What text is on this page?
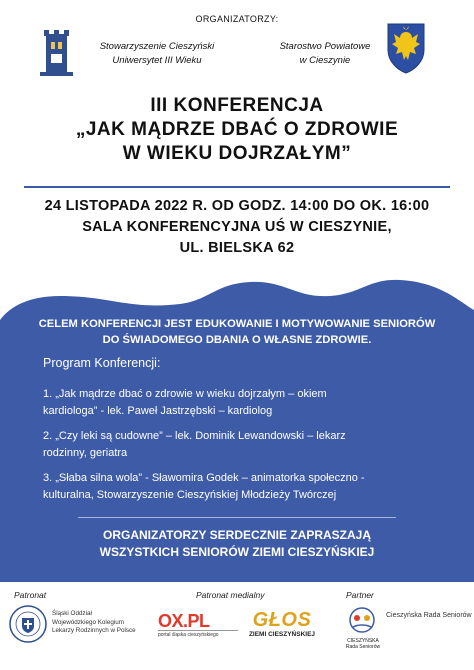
ORGANIZATORZY:
Stowarzyszenie Cieszyński
Uniwersytet III Wieku
Starostwo Powiatowe
w Cieszynie
III KONFERENCJA
„JAK MĄDRZE DBAĆ O ZDROWIE
W WIEKU DOJRZAŁYM”
24 LISTOPADA 2022 R. OD GODZ. 14:00 DO OK. 16:00
SALA KONFERENCYJNA UŚ W CIESZYNIE,
UL. BIELSKA 62
CELEM KONFERENCJI JEST EDUKOWANIE I MOTYWOWANIE SENIORÓW
DO ŚWIADOMEGO DBANIA O WŁASNE ZDROWIE.
Program Konferencji:
1. „Jak mądrze dbać o zdrowie w wieku dojrzałym – okiem
kardiologa” - lek. Paweł Jastrzębski – kardiolog
2. „Czy leki są cudowne” – lek. Dominik Lewandowski – lekarz
rodzinny, geriatra
3. „Słaba silna wola” - Sławomira Godek – animatorka społeczno -
kulturalna, Stowarzyszenie Cieszyńskiej Młodzieży Twórczej
ORGANIZATORZY SERDECZNIE ZAPRASZAJĄ
WSZYSTKICH SENIORÓW ZIEMI CIESZYŃSKIEJ
Patronat	Patronat medialny	Partner
Śląski Oddział
Wojewódzkiego Kolegium
Lekarzy Rodzinnych w Polsce	OX.PL
portal śląska cieszyńskiego
GŁOS
ZIEMI CIESZYŃSKIEJ
CIESZYŃSKA
Rada Seniorów
Cieszyńska Rada Seniorów
